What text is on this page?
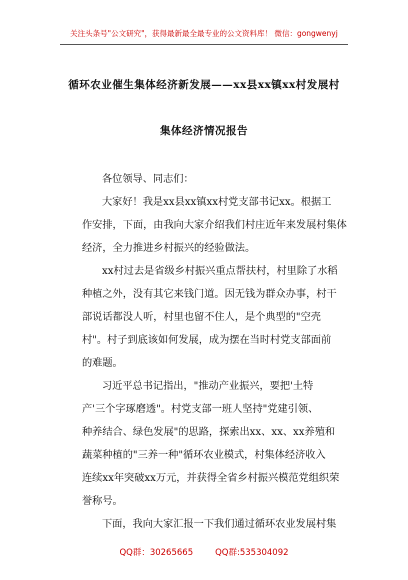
关注头条号"公文研究"，获得最新最全最专业的公文资料库！ 微信：gongwenyj
循环农业催生集体经济新发展——xx县xx镇xx村发展村
集体经济情况报告
各位领导、同志们：
大家好！我是xx县xx镇xx村党支部书记xx。根据工
作安排，下面，由我向大家介绍我们村庄近年来发展村集体
经济，全力推进乡村振兴的经验做法。
xx村过去是省级乡村振兴重点帮扶村，村里除了水稻
种植之外，没有其它来钱门道。因无钱为群众办事，村干
部说话都没人听，村里也留不住人，是个典型的"空壳
村"。村子到底该如何发展，成为摆在当时村党支部面前
的难题。
习近平总书记指出，"推动产业振兴，要把'土特
产'三个字琢磨透"。村党支部一班人坚持"党建引领、
种养结合、绿色发展"的思路，探索出xx、xx、xx养殖和
蔬菜种植的"三养一种"循环农业模式，村集体经济收入
连续xx年突破xx万元，并获得全省乡村振兴模范党组织荣
誉称号。
下面，我向大家汇报一下我们通过循环农业发展村集
QQ群：30265665	QQ群:535304092
